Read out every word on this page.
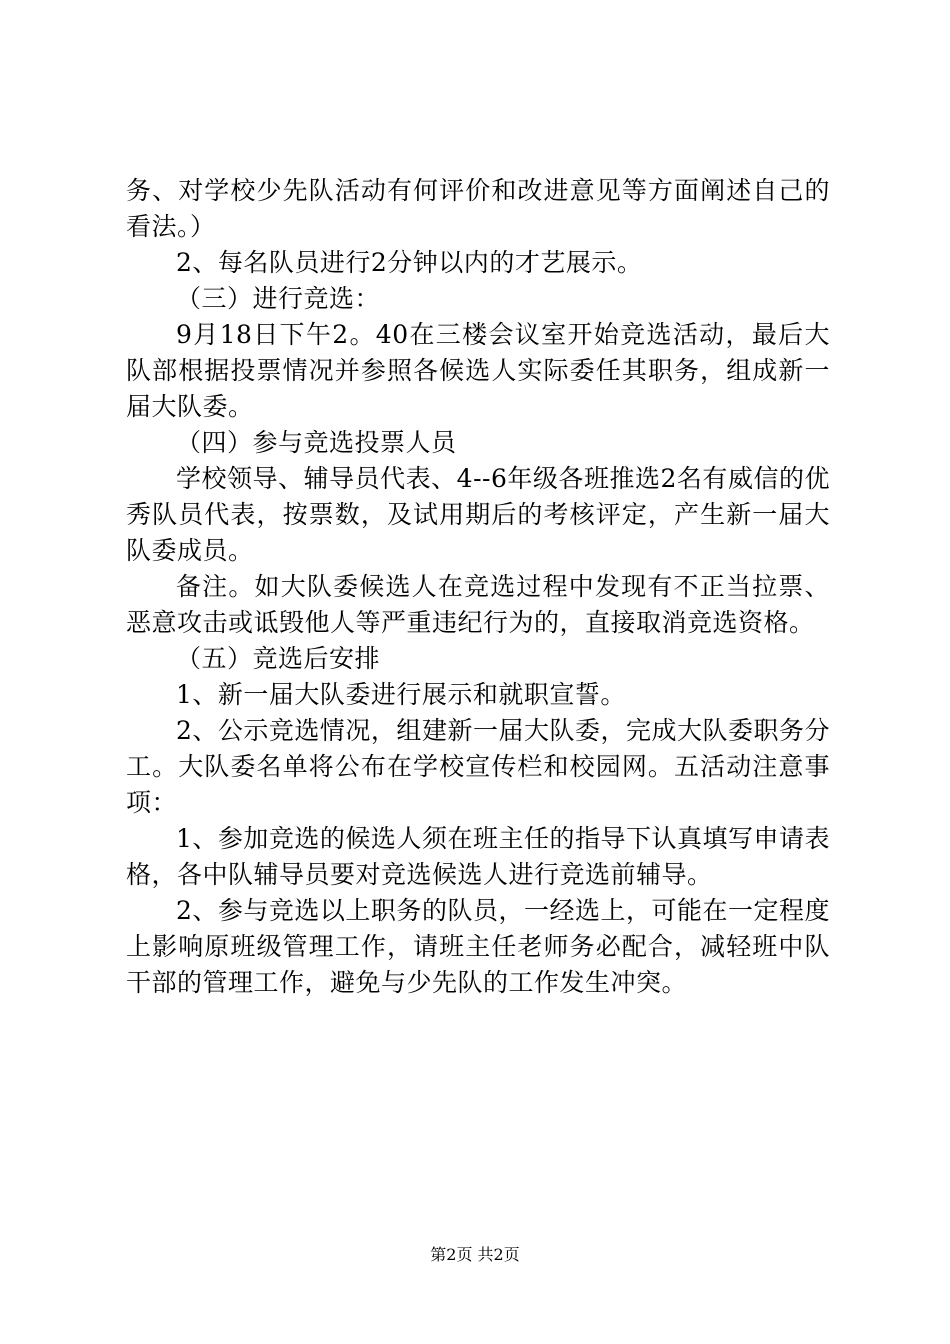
务、对学校少先队活动有何评价和改进意见等方面阐述自己的看法。）

2、每名队员进行2分钟以内的才艺展示。

（三）进行竞选：

9月18日下午2。40在三楼会议室开始竞选活动，最后大队部根据投票情况并参照各候选人实际委任其职务，组成新一届大队委。

（四）参与竞选投票人员

学校领导、辅导员代表、4--6年级各班推选2名有威信的优秀队员代表，按票数，及试用期后的考核评定，产生新一届大队委成员。

备注。如大队委候选人在竞选过程中发现有不正当拉票、恶意攻击或诋毁他人等严重违纪行为的，直接取消竞选资格。

（五）竞选后安排

1、新一届大队委进行展示和就职宣誓。

2、公示竞选情况，组建新一届大队委，完成大队委职务分工。大队委名单将公布在学校宣传栏和校园网。五活动注意事项：

1、参加竞选的候选人须在班主任的指导下认真填写申请表格，各中队辅导员要对竞选候选人进行竞选前辅导。

2、参与竞选以上职务的队员，一经选上，可能在一定程度上影响原班级管理工作，请班主任老师务必配合，减轻班中队干部的管理工作，避免与少先队的工作发生冲突。

第2页 共2页
